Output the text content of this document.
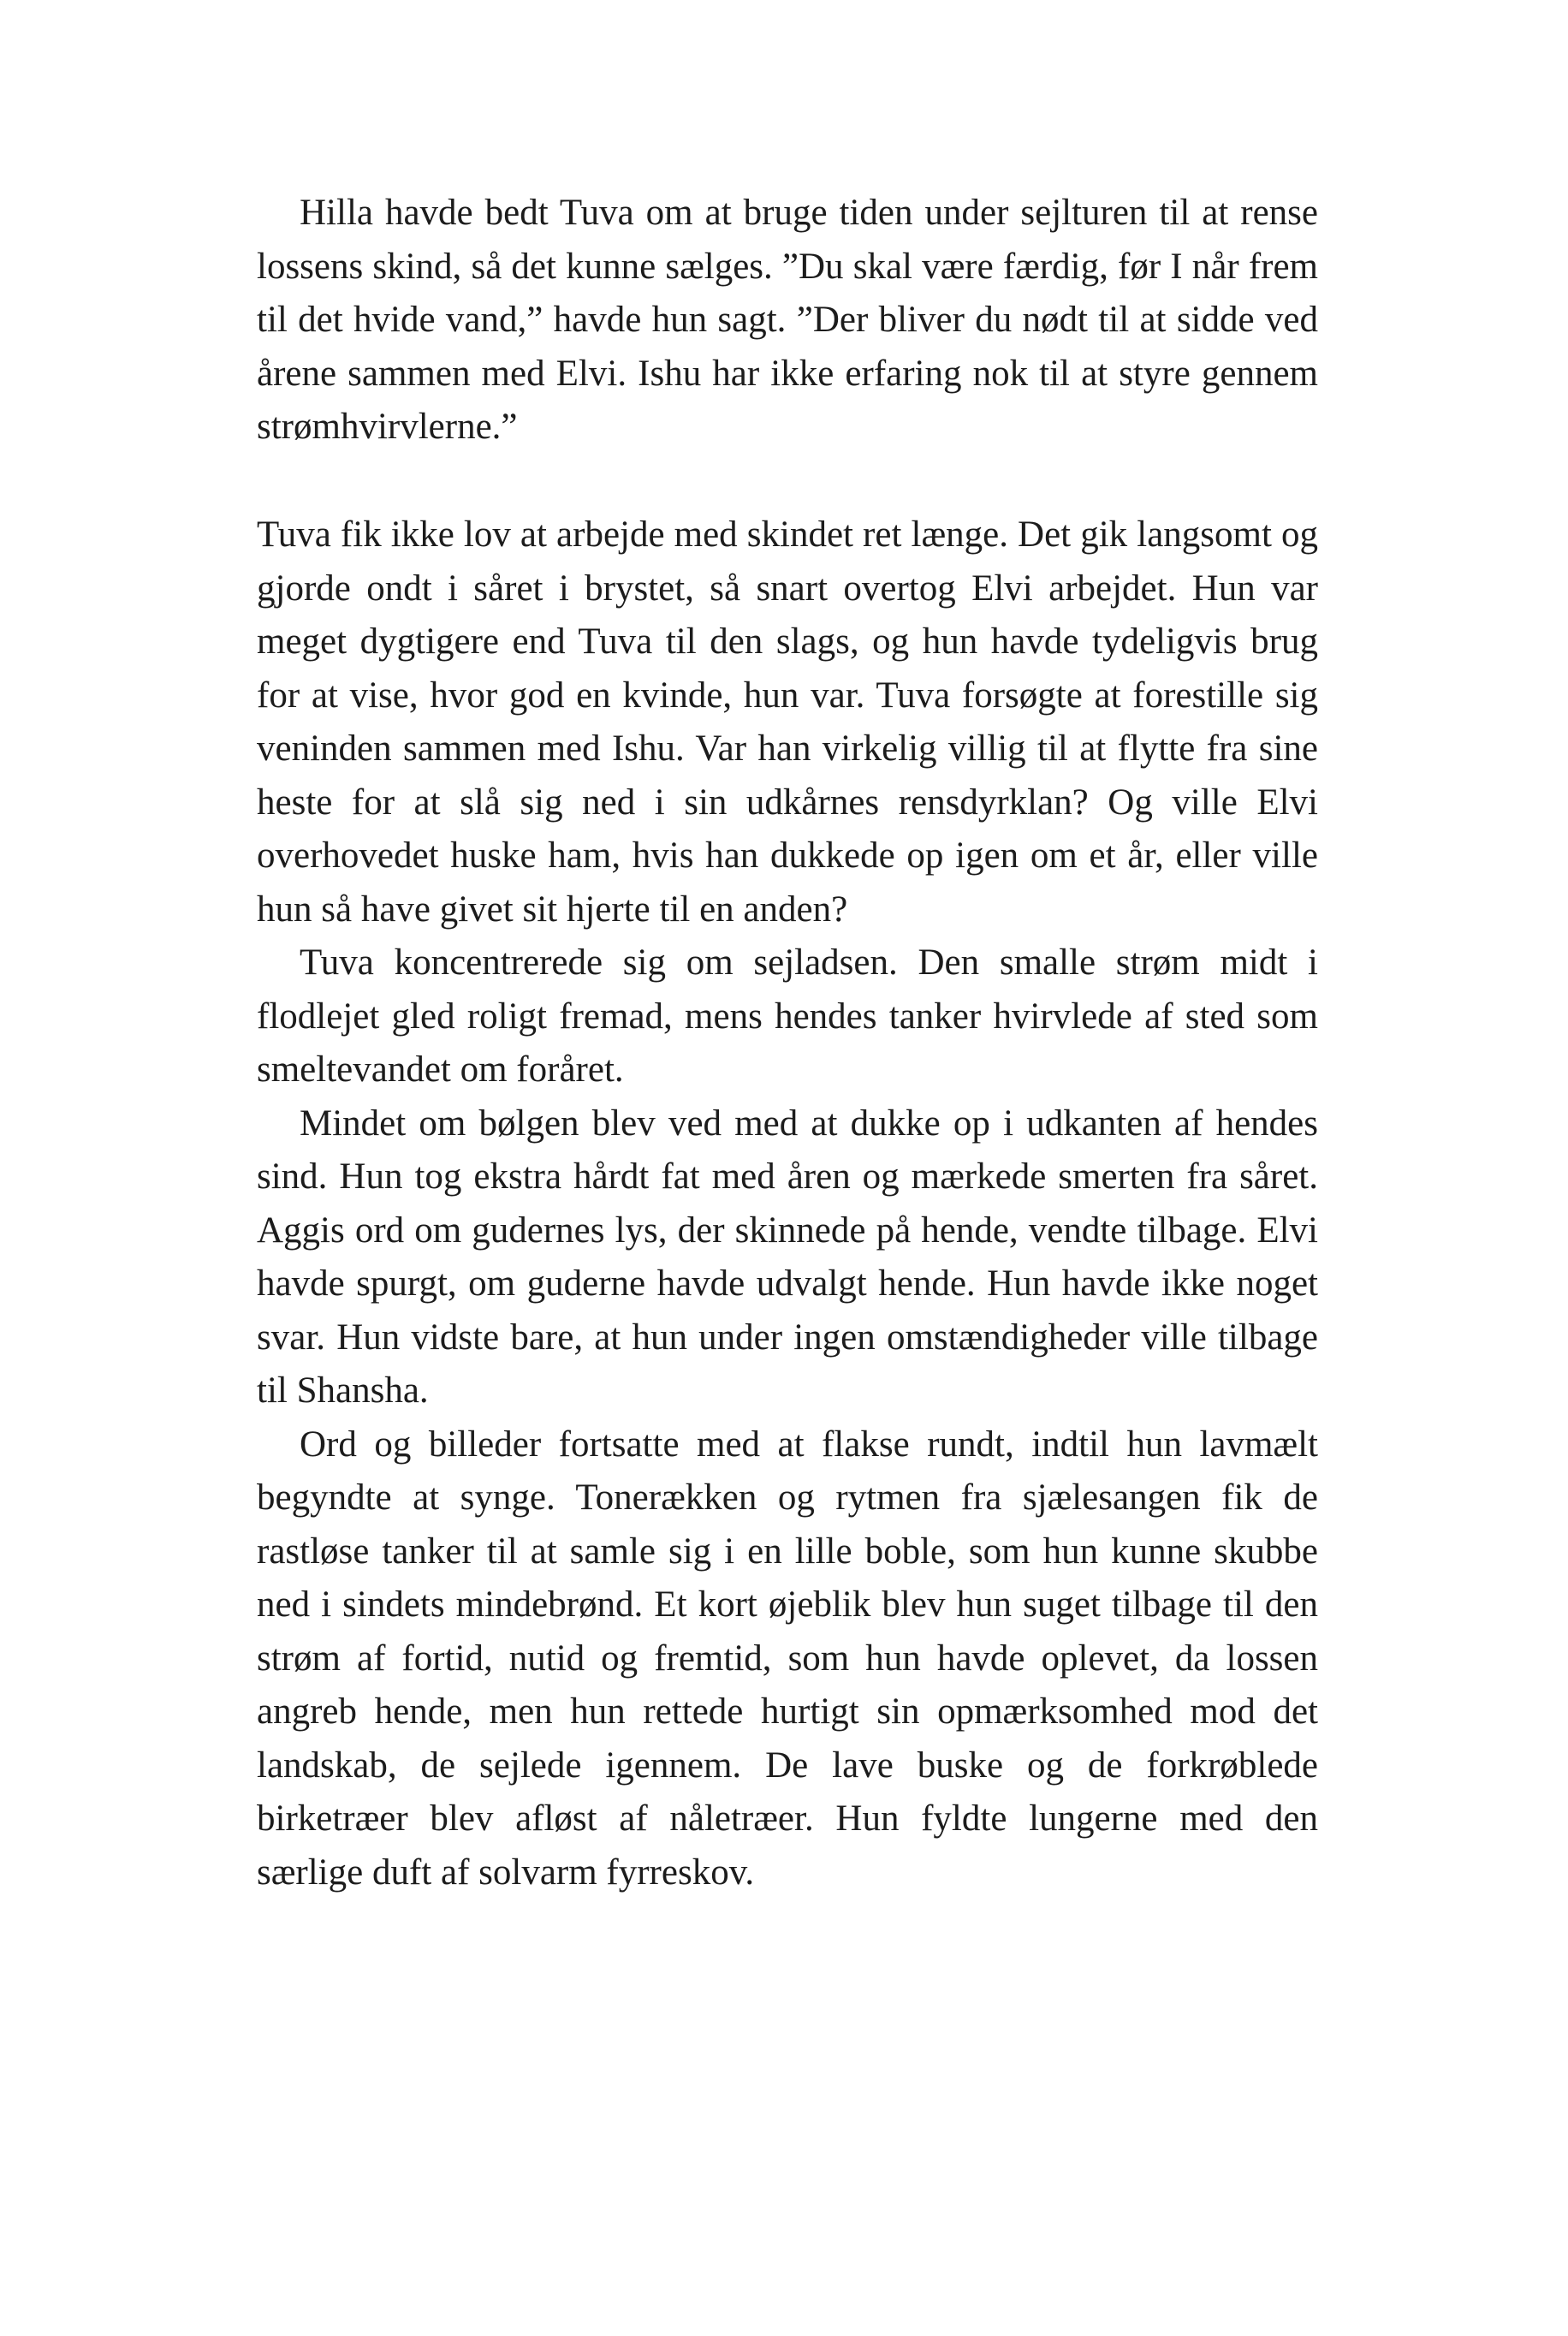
Hilla havde bedt Tuva om at bruge tiden under sejlturen til at rense lossens skind, så det kunne sælges. ”Du skal være færdig, før I når frem til det hvide vand,” havde hun sagt. ”Der bliver du nødt til at sidde ved årene sammen med Elvi. Ishu har ikke erfaring nok til at styre gennem strømhvirvlerne.”

Tuva fik ikke lov at arbejde med skindet ret længe. Det gik langsomt og gjorde ondt i såret i brystet, så snart overtog Elvi arbejdet. Hun var meget dygtigere end Tuva til den slags, og hun havde tydeligvis brug for at vise, hvor god en kvinde, hun var. Tuva forsøgte at forestille sig veninden sammen med Ishu. Var han virkelig villig til at flytte fra sine heste for at slå sig ned i sin udkårnes rensdyrklan? Og ville Elvi overhovedet huske ham, hvis han dukkede op igen om et år, eller ville hun så have givet sit hjerte til en anden?

Tuva koncentrerede sig om sejladsen. Den smalle strøm midt i flodlejet gled roligt fremad, mens hendes tanker hvirvlede af sted som smeltevandet om foråret.

Mindet om bølgen blev ved med at dukke op i udkanten af hendes sind. Hun tog ekstra hårdt fat med åren og mærkede smerten fra såret. Aggis ord om gudernes lys, der skinnede på hende, vendte tilbage. Elvi havde spurgt, om guderne havde udvalgt hende. Hun havde ikke noget svar. Hun vidste bare, at hun under ingen omstændigheder ville tilbage til Shansha.

Ord og billeder fortsatte med at flakse rundt, indtil hun lavmælt begyndte at synge. Tonerækken og rytmen fra sjælesangen fik de rastløse tanker til at samle sig i en lille boble, som hun kunne skubbe ned i sindets mindebrønd. Et kort øjeblik blev hun suget tilbage til den strøm af fortid, nutid og fremtid, som hun havde oplevet, da lossen angreb hende, men hun rettede hurtigt sin opmærksomhed mod det landskab, de sejlede igennem. De lave buske og de forkrøblede birketræer blev afløst af nåletræer. Hun fyldte lungerne med den særlige duft af solvarm fyrreskov.
